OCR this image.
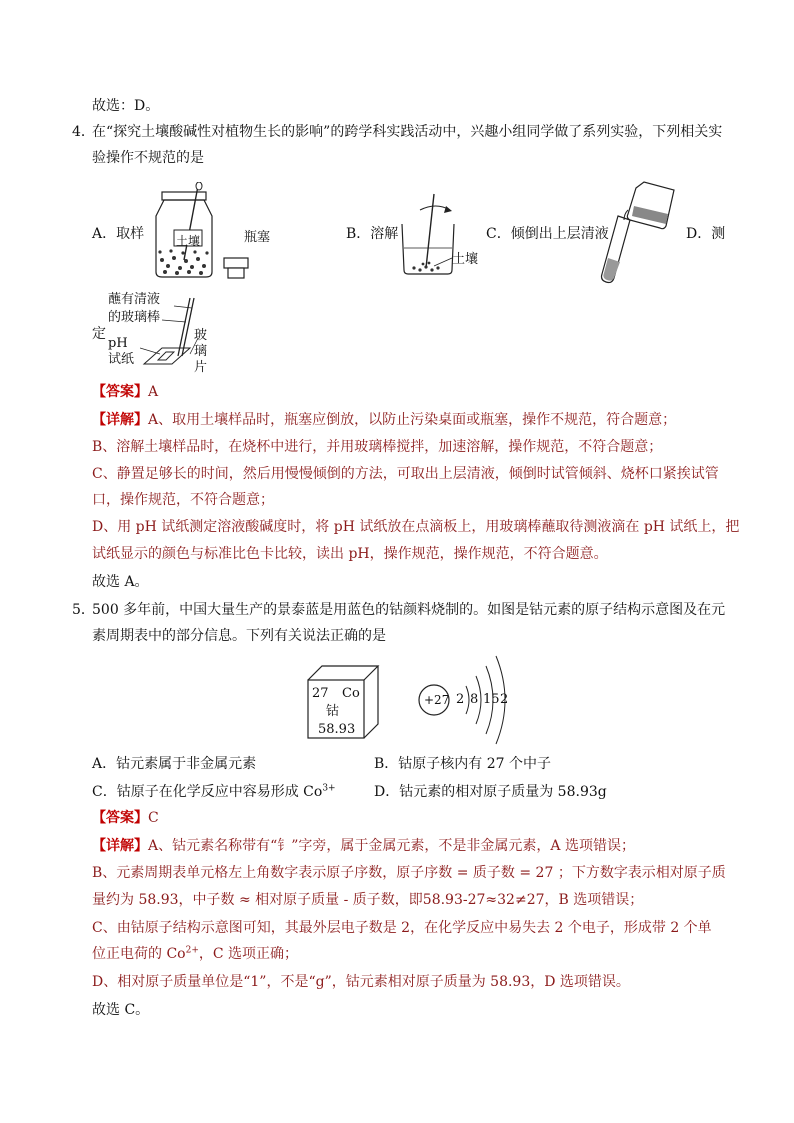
故选：D。
4．
在“探究土壤酸碱性对植物生长的影响”的跨学科实践活动中，兴趣小组同学做了系列实验，下列相关实
验操作不规范的是
A．取样	土壤	瓶塞	B．溶解
土壤
C．倾倒出上层清液	D．测
蘸有清液
的玻璃棒
定
pH
试纸
玻
璃
片
【答案】A
【详解】A、取用土壤样品时，瓶塞应倒放，以防止污染桌面或瓶塞，操作不规范，符合题意；
B、溶解土壤样品时，在烧杯中进行，并用玻璃棒搅拌，加速溶解，操作规范，不符合题意；
C、静置足够长的时间，然后用慢慢倾倒的方法，可取出上层清液，倾倒时试管倾斜、烧杯口紧挨试管
口，操作规范，不符合题意；
D、用 pH 试纸测定溶液酸碱度时，将 pH 试纸放在点滴板上，用玻璃棒蘸取待测液滴在 pH 试纸上，把
试纸显示的颜色与标准比色卡比较，读出 pH，操作规范，操作规范，不符合题意。
故选 A。
5．
500 多年前，中国大量生产的景泰蓝是用蓝色的钴颜料烧制的。如图是钴元素的原子结构示意图及在元
素周期表中的部分信息。下列有关说法正确的是
27 Co
钴
58.93
+27 2 8 15 2
A．钴元素属于非金属元素	B．钴原子核内有 27 个中子
C．钴原子在化学反应中容易形成 $Co^{3+}$	D．钴元素的相对原子质量为 58.93g
【答案】C
【详解】A、钴元素名称带有“钅”字旁，属于金属元素，不是非金属元素，A 选项错误；
B、元素周期表单元格左上角数字表示原子序数，原子序数 = 质子数 = 27 ；下方数字表示相对原子质
量约为 58.93，中子数 ≈ 相对原子质量 - 质子数，即58.93-27≈32≠27，B 选项错误；
C、由钴原子结构示意图可知，其最外层电子数是 2，在化学反应中易失去 2 个电子，形成带 2 个单
位正电荷的 $Co^{2+}$，C 选项正确；
D、相对原子质量单位是“1”，不是“g”，钴元素相对原子质量为 58.93，D 选项错误。
故选 C。
